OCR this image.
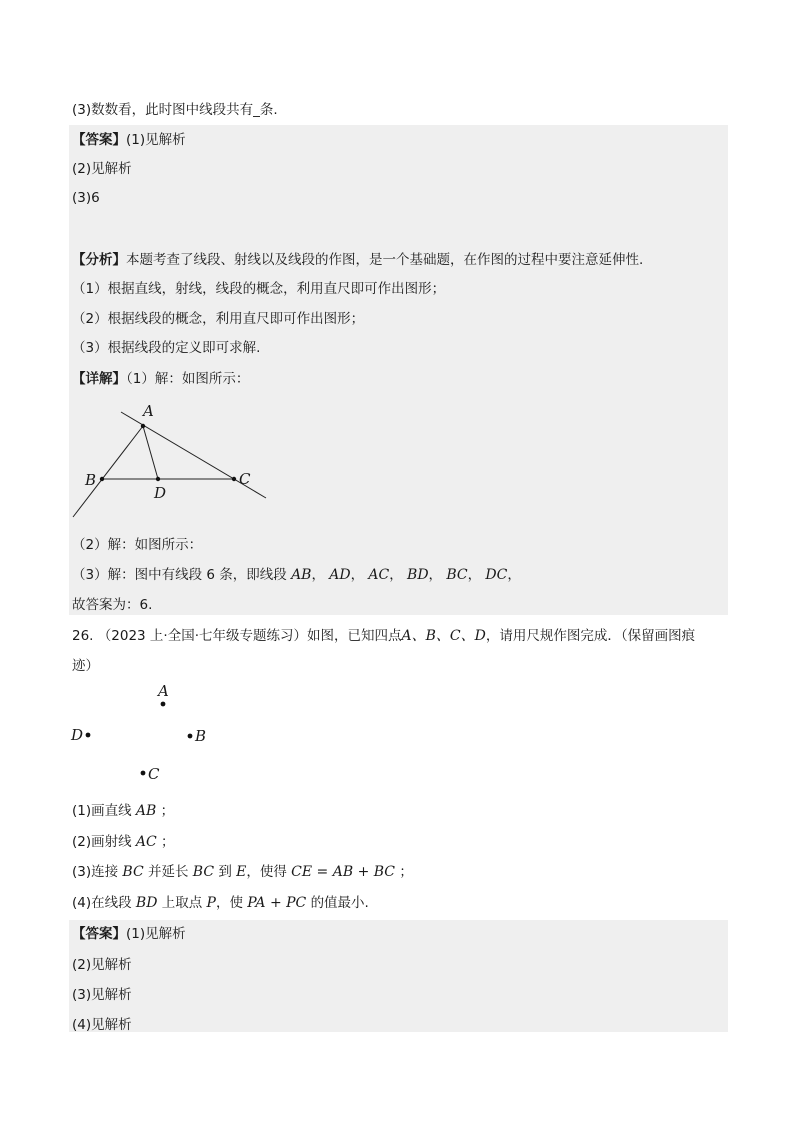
(3)数数看，此时图中线段共有_条.
【答案】(1)见解析
(2)见解析
(3)6
【分析】本题考查了线段、射线以及线段的作图，是一个基础题，在作图的过程中要注意延伸性.
（1）根据直线，射线，线段的概念，利用直尺即可作出图形；
（2）根据线段的概念，利用直尺即可作出图形；
（3）根据线段的定义即可求解.
【详解】（1）解：如图所示：
A
B
D
C
（2）解：如图所示：
（3）解：图中有线段 6 条，即线段 AB， AD， AC， BD， BC， DC，
故答案为：6.
26. （2023 上·全国·七年级专题练习）如图，已知四点A、B、C、D，请用尺规作图完成．（保留画图痕
迹）
A
D	B
C
(1)画直线 AB ；
(2)画射线 AC ；
(3)连接 BC 并延长 BC 到 E，使得 CE = AB + BC ；
(4)在线段 BD 上取点 P，使 PA + PC 的值最小.
【答案】(1)见解析
(2)见解析
(3)见解析
(4)见解析
